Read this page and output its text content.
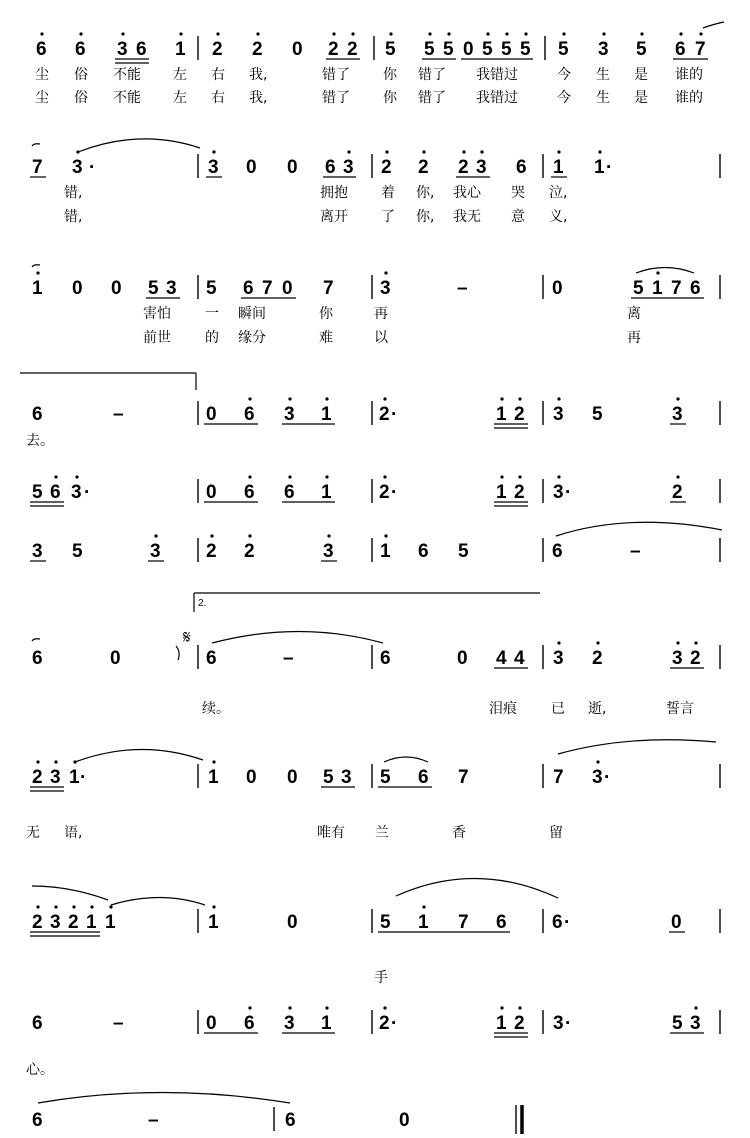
6 6 3 6 1 2 2 0 2 2 5 5 5 0 5 5 5 5 3 5 6 7
尘 俗 不能 左 右 我,	错了 你 错了 我错过	今 生 是 谁的
尘 俗 不能 左 右 我,	错了 你 错了 我错过	今 生 是 谁的
7 3 ·	3 0 0 6 3 2 2 2 3 6 1 1 ·
错,	拥抱 着 你, 我心 哭 泣,
错,	离开 了 你, 我无 意 义,
1 0 0 5 3 5 6 7 0 7 3	–	0	5 1 7 6
害怕 一 瞬间	你	再	离
前世 的 缘分	难	以	再
6	–	0 6 3 1 2 ·	1 2 3 5	3
去。
5 6 3 ·	0 6 6 1 2 ·	1 2 3 ·	2
3 5	3 2 2	3 1 6 5	6	–
2.
𝄋
6	0	6	–	6	0 4 4 3 2	3 2
续。	泪痕 已 逝,	誓言
2 3 1 ·	1 0 0 5 3 5 6 7	7 3 ·
无 语,	唯有 兰	香	留
2 3 2 1 1	1	0	5 1 7 6 6 ·	0
手
6	–	0 6 3 1 2 ·	1 2 3 ·	5 3
心。
6	–	6	0
